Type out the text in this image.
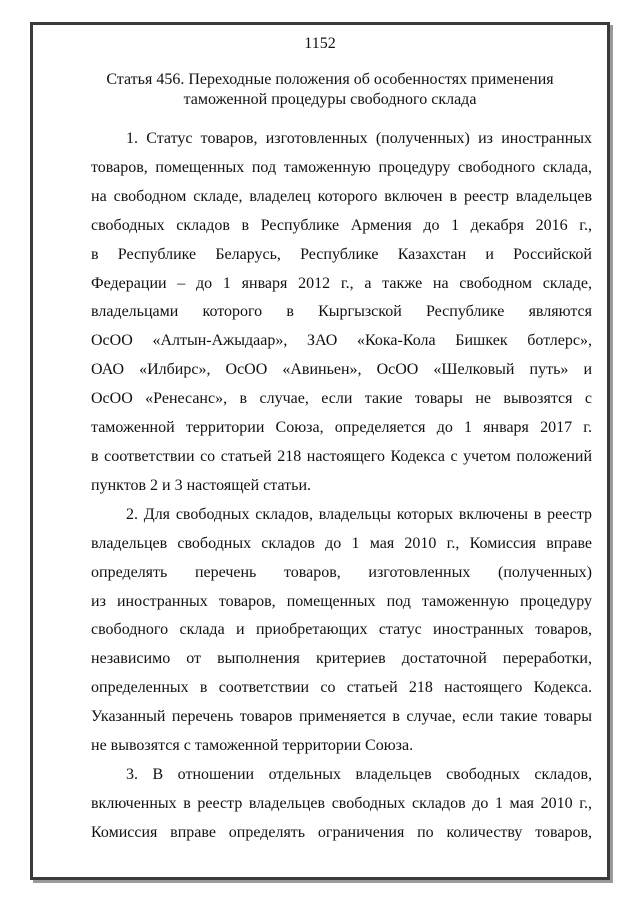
1152
Статья 456. Переходные положения об особенностях применения
таможенной процедуры свободного склада

1. Статус товаров, изготовленных (полученных) из иностранных
товаров, помещенных под таможенную процедуру свободного склада,
на свободном складе, владелец которого включен в реестр владельцев
свободных складов в Республике Армения до 1 декабря 2016 г.,
в Республике Беларусь, Республике Казахстан и Российской
Федерации – до 1 января 2012 г., а также на свободном складе,
владельцами которого в Кыргызской Республике являются
ОсОО «Алтын-Ажыдаар», ЗАО «Кока-Кола Бишкек ботлерс»,
ОАО «Илбирс», ОсОО «Авиньен», ОсОО «Шелковый путь» и
ОсОО «Ренесанс», в случае, если такие товары не вывозятся с
таможенной территории Союза, определяется до 1 января 2017 г.
в соответствии со статьей 218 настоящего Кодекса с учетом положений
пунктов 2 и 3 настоящей статьи.

2. Для свободных складов, владельцы которых включены в реестр
владельцев свободных складов до 1 мая 2010 г., Комиссия вправе
определять перечень товаров, изготовленных (полученных)
из иностранных товаров, помещенных под таможенную процедуру
свободного склада и приобретающих статус иностранных товаров,
независимо от выполнения критериев достаточной переработки,
определенных в соответствии со статьей 218 настоящего Кодекса.
Указанный перечень товаров применяется в случае, если такие товары
не вывозятся с таможенной территории Союза.

3. В отношении отдельных владельцев свободных складов,
включенных в реестр владельцев свободных складов до 1 мая 2010 г.,
Комиссия вправе определять ограничения по количеству товаров,
